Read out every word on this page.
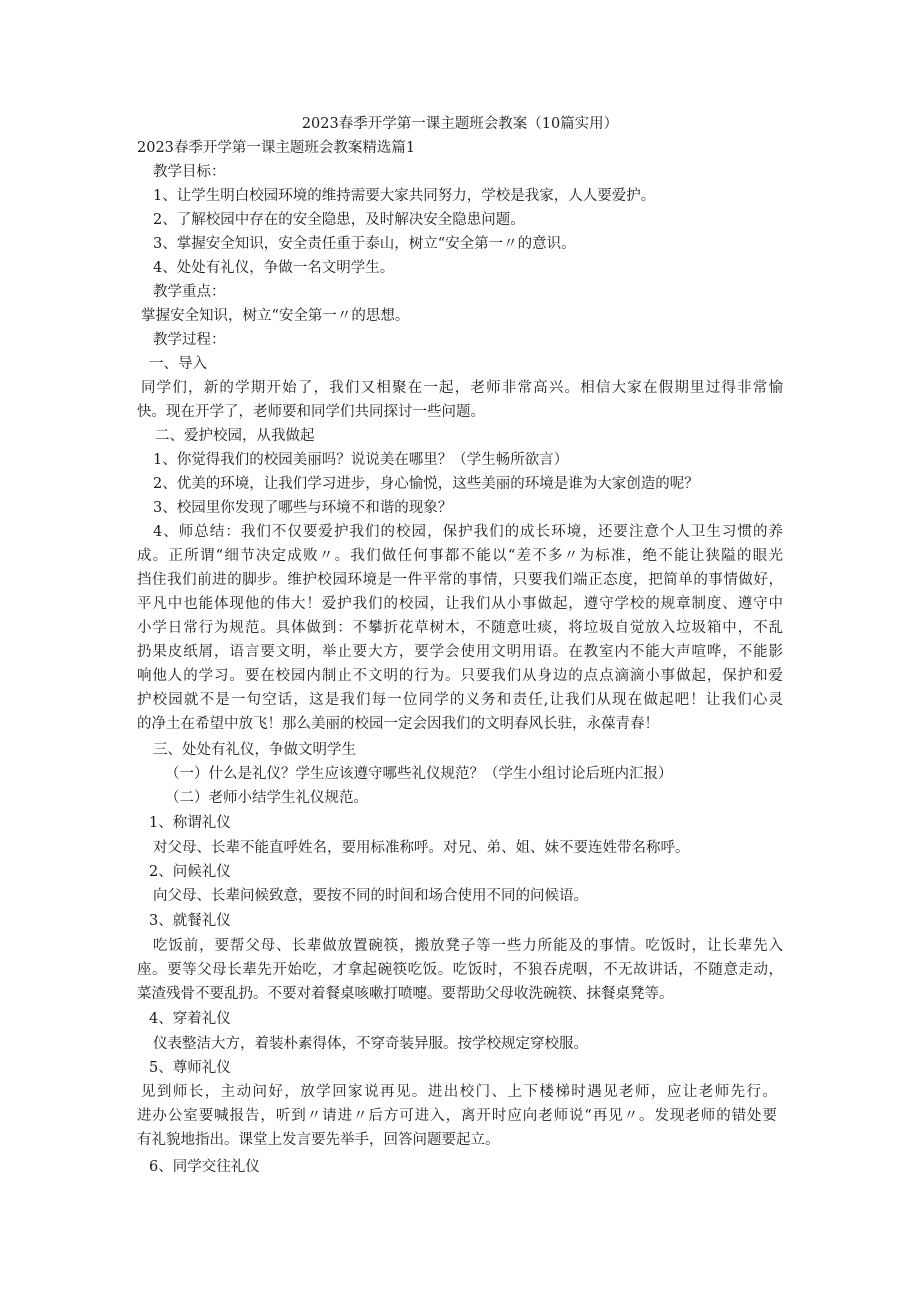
2023春季开学第一课主题班会教案（10篇实用）

2023春季开学第一课主题班会教案精选篇1

教学目标：

1、让学生明白校园环境的维持需要大家共同努力，学校是我家，人人要爱护。

2、了解校园中存在的安全隐患，及时解决安全隐患问题。

3、掌握安全知识，安全责任重于泰山，树立“安全第一〃的意识。

4、处处有礼仪，争做一名文明学生。

教学重点：

掌握安全知识，树立“安全第一〃的思想。

教学过程：

一、导入

同学们，新的学期开始了，我们又相聚在一起，老师非常高兴。相信大家在假期里过得非常愉

快。现在开学了，老师要和同学们共同探讨一些问题。

二、爱护校园，从我做起

1、你觉得我们的校园美丽吗？说说美在哪里？（学生畅所欲言）

2、优美的环境，让我们学习进步，身心愉悦，这些美丽的环境是谁为大家创造的呢？

3、校园里你发现了哪些与环境不和谐的现象？

4、师总结：我们不仅要爱护我们的校园，保护我们的成长环境，还要注意个人卫生习惯的养

成。正所谓“细节决定成败〃。我们做任何事都不能以“差不多〃为标准，绝不能让狭隘的眼光

挡住我们前进的脚步。维护校园环境是一件平常的事情，只要我们端正态度，把简单的事情做好，

平凡中也能体现他的伟大！爱护我们的校园，让我们从小事做起，遵守学校的规章制度、遵守中

小学日常行为规范。具体做到：不攀折花草树木，不随意吐痰，将垃圾自觉放入垃圾箱中，不乱

扔果皮纸屑，语言要文明，举止要大方，要学会使用文明用语。在教室内不能大声喧哗，不能影

响他人的学习。要在校园内制止不文明的行为。只要我们从身边的点点滴滴小事做起，保护和爱

护校园就不是一句空话，这是我们每一位同学的义务和责任,让我们从现在做起吧！让我们心灵

的净土在希望中放飞！那么美丽的校园一定会因我们的文明春风长驻，永葆青春！

三、处处有礼仪，争做文明学生

（一）什么是礼仪？学生应该遵守哪些礼仪规范？（学生小组讨论后班内汇报）

（二）老师小结学生礼仪规范。

1、称谓礼仪

对父母、长辈不能直呼姓名，要用标准称呼。对兄、弟、姐、妹不要连姓带名称呼。

2、问候礼仪

向父母、长辈问候致意，要按不同的时间和场合使用不同的问候语。

3、就餐礼仪

吃饭前，要帮父母、长辈做放置碗筷，搬放凳子等一些力所能及的事情。吃饭时，让长辈先入

座。要等父母长辈先开始吃，才拿起碗筷吃饭。吃饭时，不狼吞虎咽，不无故讲话，不随意走动，

菜渣残骨不要乱扔。不要对着餐桌咳嗽打喷嚏。要帮助父母收洗碗筷、抹餐桌凳等。

4、穿着礼仪

仪表整洁大方，着装朴素得体，不穿奇装异服。按学校规定穿校服。

5、尊师礼仪

见到师长，主动问好，放学回家说再见。进出校门、上下楼梯时遇见老师，应让老师先行。

进办公室要喊报告，听到〃请进〃后方可进入，离开时应向老师说“再见〃。发现老师的错处要

有礼貌地指出。课堂上发言要先举手，回答问题要起立。

6、同学交往礼仪
